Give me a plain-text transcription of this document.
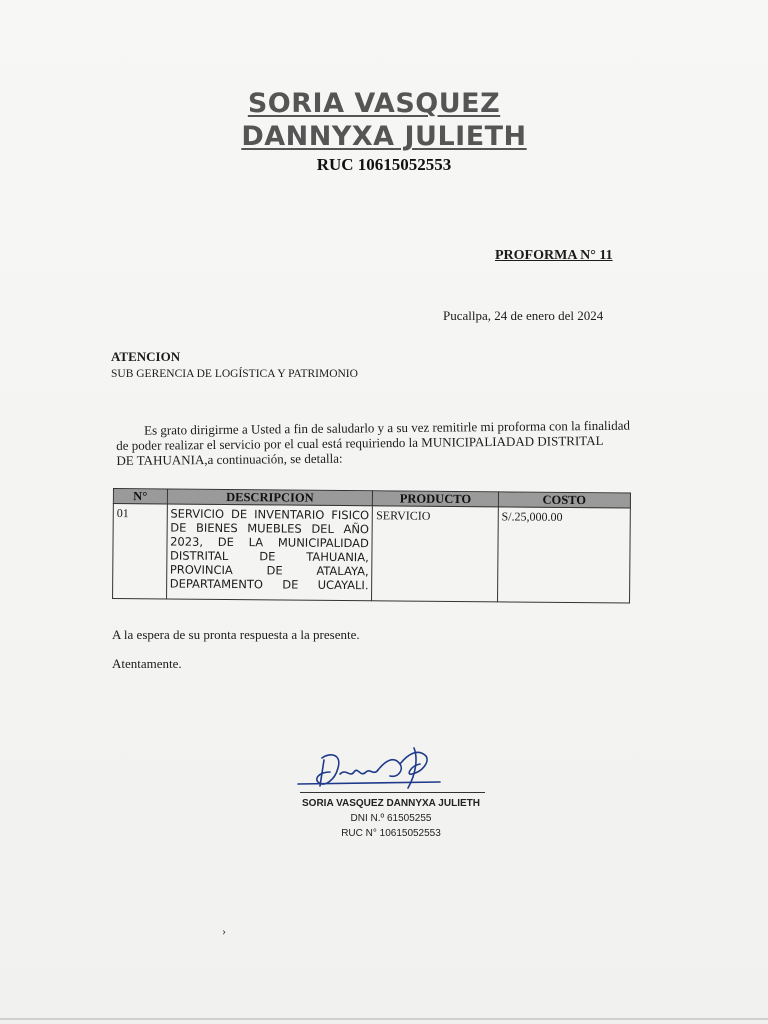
SORIA VASQUEZ
DANNYXA JULIETH
RUC 10615052553
PROFORMA N° 11
Pucallpa, 24 de enero del 2024
ATENCION
SUB GERENCIA DE LOGÍSTICA Y PATRIMONIO
Es grato dirigirme a Usted a fin de saludarlo y a su vez remitirle mi proforma con la finalidad
de poder realizar el servicio por el cual está requiriendo la MUNICIPALIADAD DISTRITAL
DE TAHUANIA,a continuación, se detalla:
N°	DESCRIPCION	PRODUCTO	COSTO
01	SERVICIO DE INVENTARIO FISICO DE BIENES MUEBLES DEL AÑO 2023, DE LA MUNICIPALIDAD DISTRITAL DE TAHUANIA, PROVINCIA DE ATALAYA, DEPARTAMENTO DE UCAYALI.	SERVICIO	S/.25,000.00
A la espera de su pronta respuesta a la presente.
Atentamente.
SORIA VASQUEZ DANNYXA JULIETH
DNI N.º 61505255
RUC N° 10615052553
›
